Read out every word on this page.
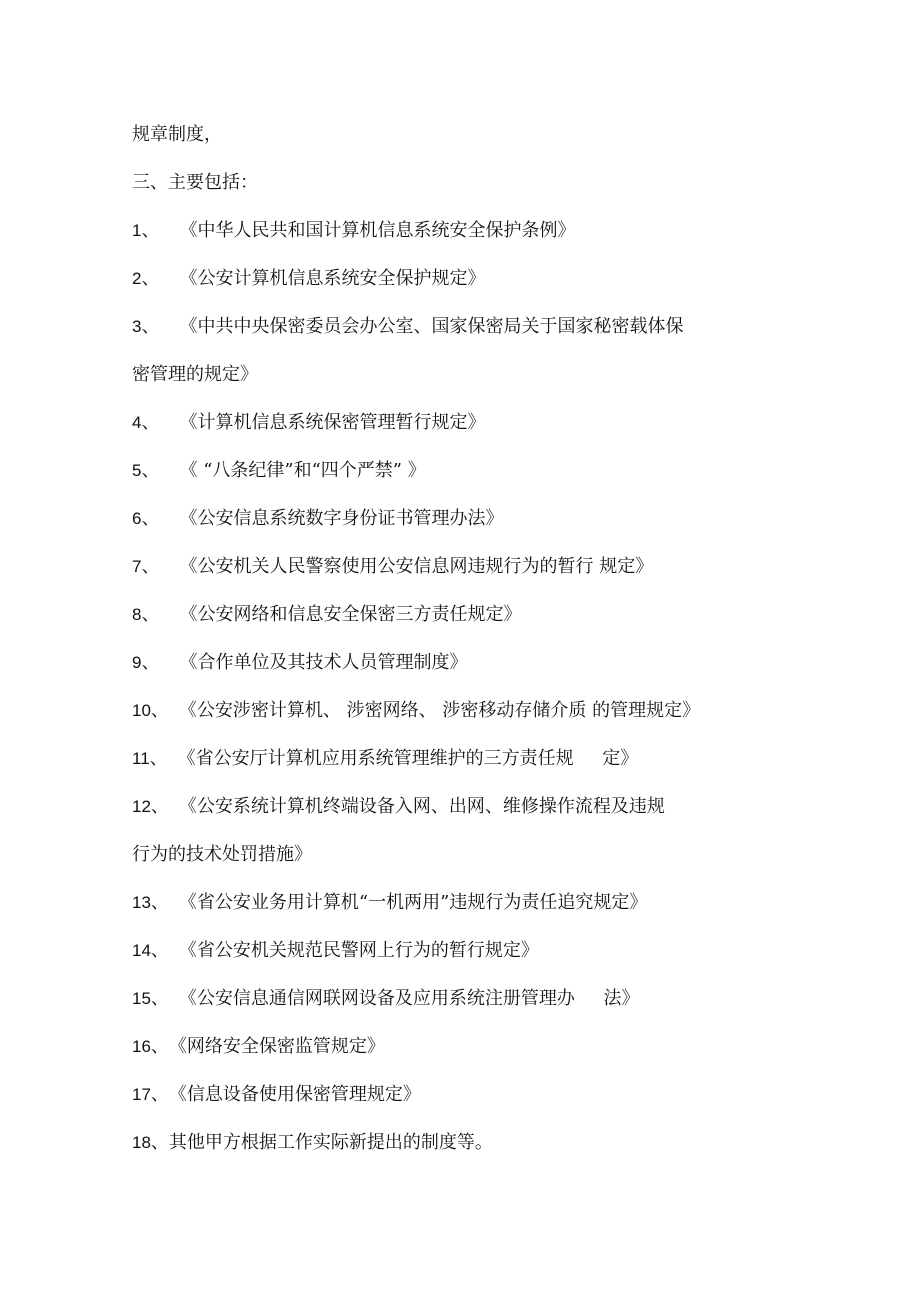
规章制度，

三、主要包括：

1、 《中华人民共和国计算机信息系统安全保护条例》

2、 《公安计算机信息系统安全保护规定》

3、 《中共中央保密委员会办公室、国家保密局关于国家秘密载体保

密管理的规定》

4、 《计算机信息系统保密管理暂行规定》

5、 《 “八条纪律”和“四个严禁” 》

6、 《公安信息系统数字身份证书管理办法》

7、 《公安机关人民警察使用公安信息网违规行为的暂行 规定》

8、 《公安网络和信息安全保密三方责任规定》

9、 《合作单位及其技术人员管理制度》

10、 《公安涉密计算机、 涉密网络、 涉密移动存储介质 的管理规定》

11、 《省公安厅计算机应用系统管理维护的三方责任规     定》

12、 《公安系统计算机终端设备入网、出网、维修操作流程及违规

行为的技术处罚措施》

13、 《省公安业务用计算机“一机两用”违规行为责任追究规定》

14、 《省公安机关规范民警网上行为的暂行规定》

15、 《公安信息通信网联网设备及应用系统注册管理办     法》

16、《网络安全保密监管规定》

17、《信息设备使用保密管理规定》

18、其他甲方根据工作实际新提出的制度等。
